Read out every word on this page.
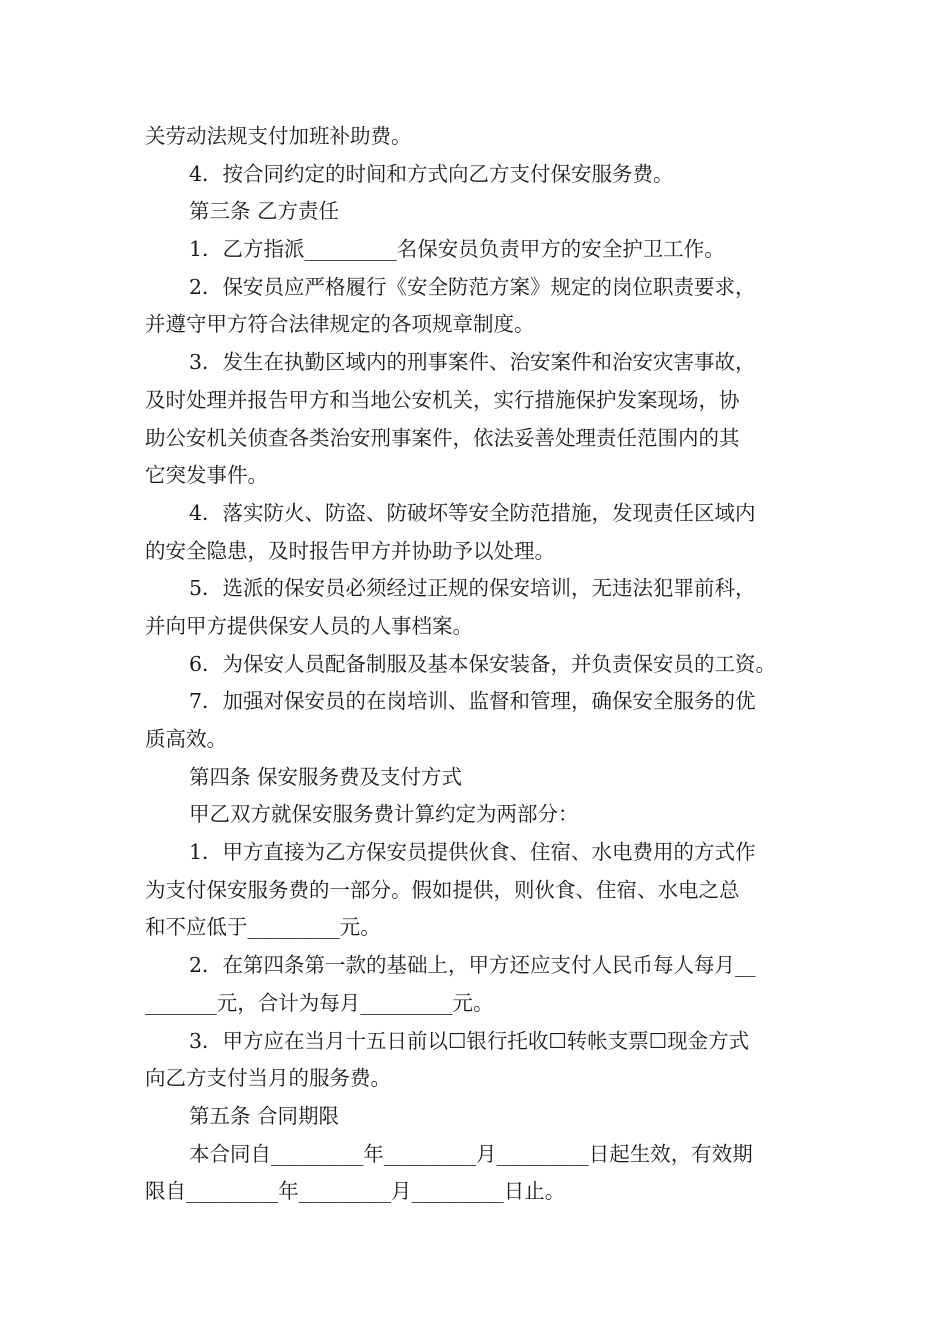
关劳动法规支付加班补助费。
4．按合同约定的时间和方式向乙方支付保安服务费。
第三条 乙方责任
1．乙方指派_________名保安员负责甲方的安全护卫工作。
2．保安员应严格履行《安全防范方案》规定的岗位职责要求，
并遵守甲方符合法律规定的各项规章制度。
3．发生在执勤区域内的刑事案件、治安案件和治安灾害事故，
及时处理并报告甲方和当地公安机关，实行措施保护发案现场，协
助公安机关侦查各类治安刑事案件，依法妥善处理责任范围内的其
它突发事件。
4．落实防火、防盗、防破坏等安全防范措施，发现责任区域内
的安全隐患，及时报告甲方并协助予以处理。
5．选派的保安员必须经过正规的保安培训，无违法犯罪前科，
并向甲方提供保安人员的人事档案。
6．为保安人员配备制服及基本保安装备，并负责保安员的工资。
7．加强对保安员的在岗培训、监督和管理，确保安全服务的优
质高效。
第四条 保安服务费及支付方式
甲乙双方就保安服务费计算约定为两部分：
1．甲方直接为乙方保安员提供伙食、住宿、水电费用的方式作
为支付保安服务费的一部分。假如提供，则伙食、住宿、水电之总
和不应低于_________元。
2．在第四条第一款的基础上，甲方还应支付人民币每人每月__
_______元，合计为每月_________元。
3．甲方应在当月十五日前以☐银行托收☐转帐支票☐现金方式
向乙方支付当月的服务费。
第五条 合同期限
本合同自_________年_________月_________日起生效，有效期
限自_________年_________月_________日止。
